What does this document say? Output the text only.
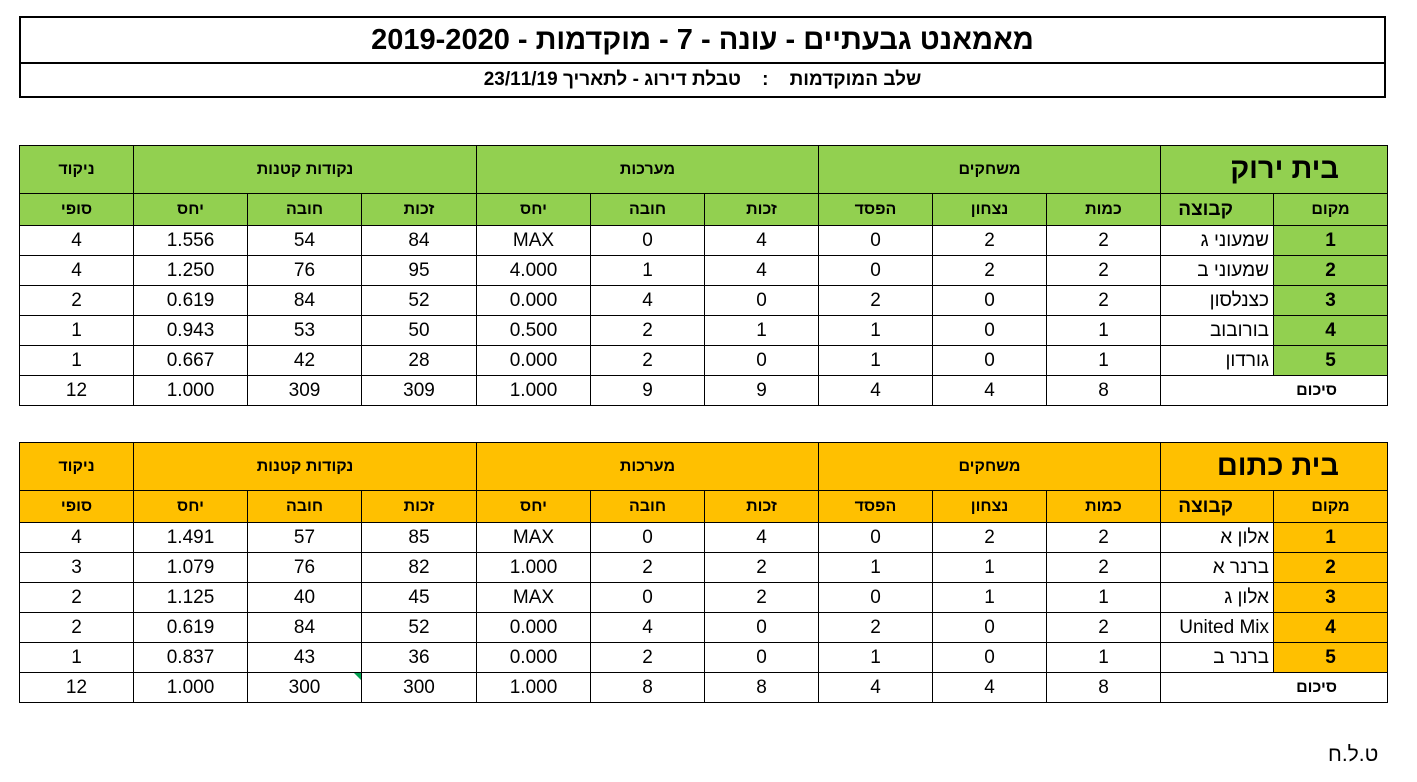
מאמאנט גבעתיים - עונה - 7 - מוקדמות - 2019-2020
שלב המוקדמות    :    טבלת דירוג - לתאריך 23/11/19
ניקוד	נקודות קטנות			מערכות			משחקים			בית ירוק	
סופי	יחס	חובה	זכות	יחס	חובה	זכות	הפסד	נצחון	כמות	קבוצה	מקום
4	1.556	54	84	MAX	0	4	0	2	2	שמעוני ג	1
4	1.250	76	95	4.000	1	4	0	2	2	שמעוני ב	2
2	0.619	84	52	0.000	4	0	2	0	2	כצנלסון	3
1	0.943	53	50	0.500	2	1	1	0	1	בורובוב	4
1	0.667	42	28	0.000	2	0	1	0	1	גורדון	5
12	1.000	309	309	1.000	9	9	4	4	8	סיכום	
ניקוד	נקודות קטנות			מערכות			משחקים			בית כתום	
סופי	יחס	חובה	זכות	יחס	חובה	זכות	הפסד	נצחון	כמות	קבוצה	מקום
4	1.491	57	85	MAX	0	4	0	2	2	אלון א	1
3	1.079	76	82	1.000	2	2	1	1	2	ברנר א	2
2	1.125	40	45	MAX	0	2	0	1	1	אלון ג	3
2	0.619	84	52	0.000	4	0	2	0	2	United Mix	4
1	0.837	43	36	0.000	2	0	1	0	1	ברנר ב	5
12	1.000	300	300	1.000	8	8	4	4	8	סיכום	
ט.ל.ח
